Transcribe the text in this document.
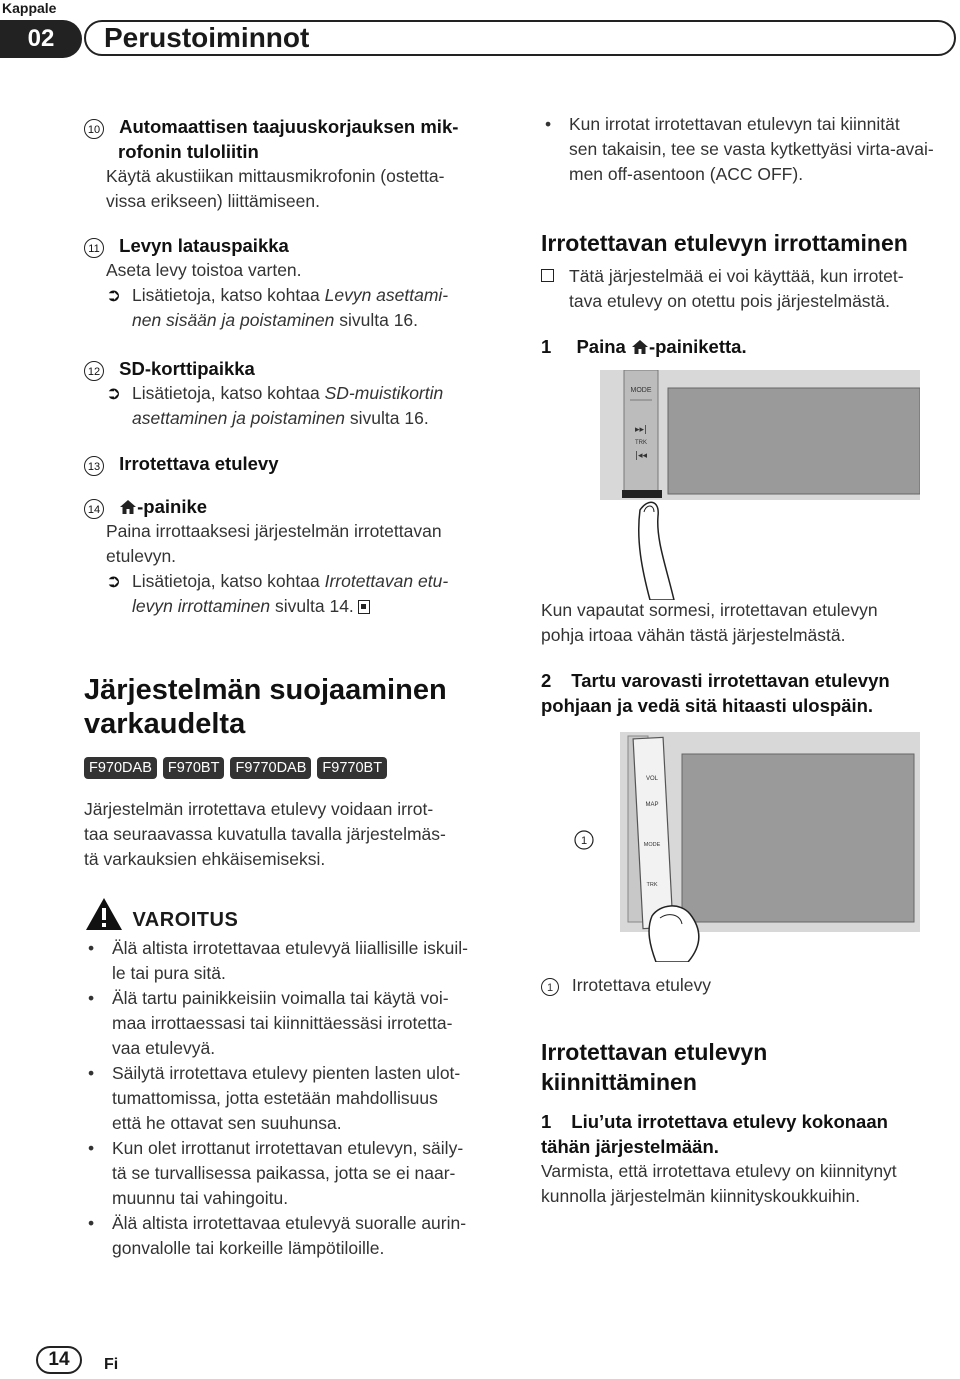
Kappale
02	Perustoiminnot
10 Automaattisen taajuuskorjauksen mik-
rofonin tuloliitin
Käytä akustiikan mittausmikrofonin (ostetta-
vissa erikseen) liittämiseen.
11 Levyn latauspaikka
Aseta levy toistoa varten.
➲ Lisätietoja, katso kohtaa Levyn asettami-
nen sisään ja poistaminen sivulta 16.
12 SD-korttipaikka
➲ Lisätietoja, katso kohtaa SD-muistikortin
asettaminen ja poistaminen sivulta 16.
13 Irrotettava etulevy
14 -painike
Paina irrottaaksesi järjestelmän irrotettavan
etulevyn.
➲ Lisätietoja, katso kohtaa Irrotettavan etu-
levyn irrottaminen sivulta 14.
Järjestelmän suojaaminen
varkaudelta
F970DAB F970BT F9770DAB F9770BT
Järjestelmän irrotettava etulevy voidaan irrot-
taa seuraavassa kuvatulla tavalla järjestelmäs-
tä varkauksien ehkäisemiseksi.
VAROITUS
• Älä altista irrotettavaa etulevyä liiallisille iskuil-
le tai pura sitä.
• Älä tartu painikkeisiin voimalla tai käytä voi-
maa irrottaessasi tai kiinnittäessäsi irrotetta-
vaa etulevyä.
• Säilytä irrotettava etulevy pienten lasten ulot-
tumattomissa, jotta estetään mahdollisuus
että he ottavat sen suuhunsa.
• Kun olet irrottanut irrotettavan etulevyn, säily-
tä se turvallisessa paikassa, jotta se ei naar-
muunnu tai vahingoitu.
• Älä altista irrotettavaa etulevyä suoralle aurin-
gonvalolle tai korkeille lämpötiloille.
• Kun irrotat irrotettavan etulevyn tai kiinnität
sen takaisin, tee se vasta kytkettyäsi virta-avai-
men off-asentoon (ACC OFF).
Irrotettavan etulevyn irrottaminen
Tätä järjestelmää ei voi käyttää, kun irrotet-
tava etulevy on otettu pois järjestelmästä.
1 Paina -painiketta.
MODE
▸▸|
TRK
|◂◂
Kun vapautat sormesi, irrotettavan etulevyn
pohja irtoaa vähän tästä järjestelmästä.
2 Tartu varovasti irrotettavan etulevyn
pohjaan ja vedä sitä hitaasti ulospäin.
VOL
MAP
MODE
TRK
1
1 Irrotettava etulevy
Irrotettavan etulevyn
kiinnittäminen
1 Liu’uta irrotettava etulevy kokonaan
tähän järjestelmään.
Varmista, että irrotettava etulevy on kiinnitynyt
kunnolla järjestelmän kiinnityskoukkuihin.
14	Fi
